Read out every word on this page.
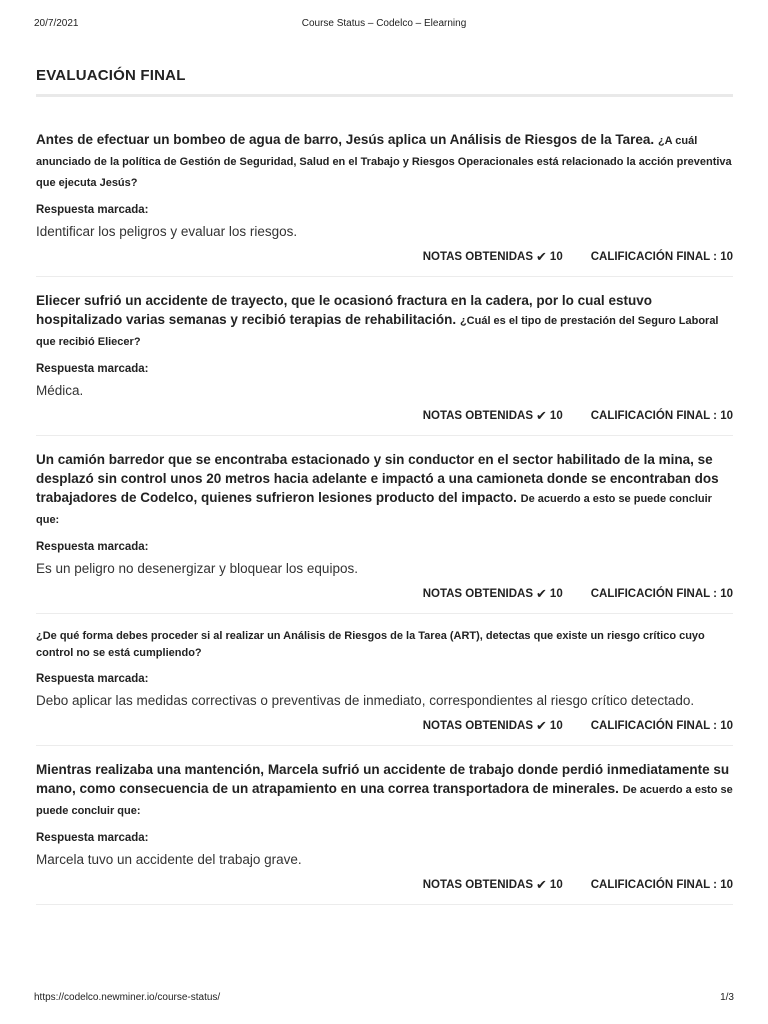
20/7/2021	Course Status – Codelco – Elearning
EVALUACIÓN FINAL

Antes de efectuar un bombeo de agua de barro, Jesús aplica un Análisis de Riesgos de la Tarea. ¿A cuál anunciado de la política de Gestión de Seguridad, Salud en el Trabajo y Riesgos Operacionales está relacionado la acción preventiva que ejecuta Jesús?

Respuesta marcada:
Identificar los peligros y evaluar los riesgos.
NOTAS OBTENIDAS ✔ 10 CALIFICACIÓN FINAL : 10

Eliecer sufrió un accidente de trayecto, que le ocasionó fractura en la cadera, por lo cual estuvo hospitalizado varias semanas y recibió terapias de rehabilitación. ¿Cuál es el tipo de prestación del Seguro Laboral que recibió Eliecer?

Respuesta marcada:
Médica.
NOTAS OBTENIDAS ✔ 10 CALIFICACIÓN FINAL : 10

Un camión barredor que se encontraba estacionado y sin conductor en el sector habilitado de la mina, se desplazó sin control unos 20 metros hacia adelante e impactó a una camioneta donde se encontraban dos trabajadores de Codelco, quienes sufrieron lesiones producto del impacto. De acuerdo a esto se puede concluir que:

Respuesta marcada:
Es un peligro no desenergizar y bloquear los equipos.
NOTAS OBTENIDAS ✔ 10 CALIFICACIÓN FINAL : 10

¿De qué forma debes proceder si al realizar un Análisis de Riesgos de la Tarea (ART), detectas que existe un riesgo crítico cuyo control no se está cumpliendo?

Respuesta marcada:
Debo aplicar las medidas correctivas o preventivas de inmediato, correspondientes al riesgo crítico detectado.
NOTAS OBTENIDAS ✔ 10 CALIFICACIÓN FINAL : 10

Mientras realizaba una mantención, Marcela sufrió un accidente de trabajo donde perdió inmediatamente su mano, como consecuencia de un atrapamiento en una correa transportadora de minerales. De acuerdo a esto se puede concluir que:

Respuesta marcada:
Marcela tuvo un accidente del trabajo grave.
NOTAS OBTENIDAS ✔ 10 CALIFICACIÓN FINAL : 10
https://codelco.newminer.io/course-status/	1/3
